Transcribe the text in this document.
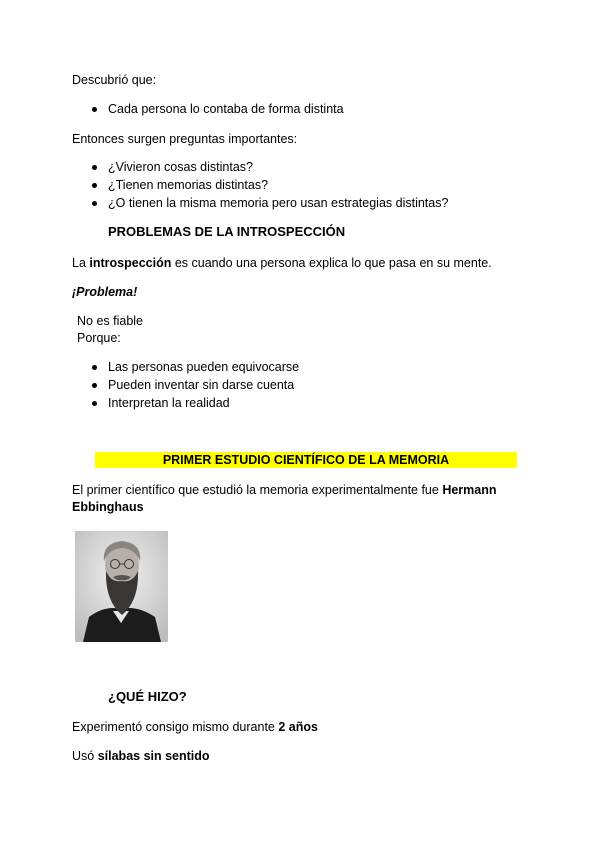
Descubrió que:
Cada persona lo contaba de forma distinta
Entonces surgen preguntas importantes:
¿Vivieron cosas distintas?
¿Tienen memorias distintas?
¿O tienen la misma memoria pero usan estrategias distintas?
PROBLEMAS DE LA INTROSPECCIÓN
La introspección es cuando una persona explica lo que pasa en su mente.
¡Problema!
No es fiable
Porque:
Las personas pueden equivocarse
Pueden inventar sin darse cuenta
Interpretan la realidad
PRIMER ESTUDIO CIENTÍFICO DE LA MEMORIA
El primer científico que estudió la memoria experimentalmente fue Hermann
Ebbinghaus
¿QUÉ HIZO?
Experimentó consigo mismo durante 2 años
Usó sílabas sin sentido
